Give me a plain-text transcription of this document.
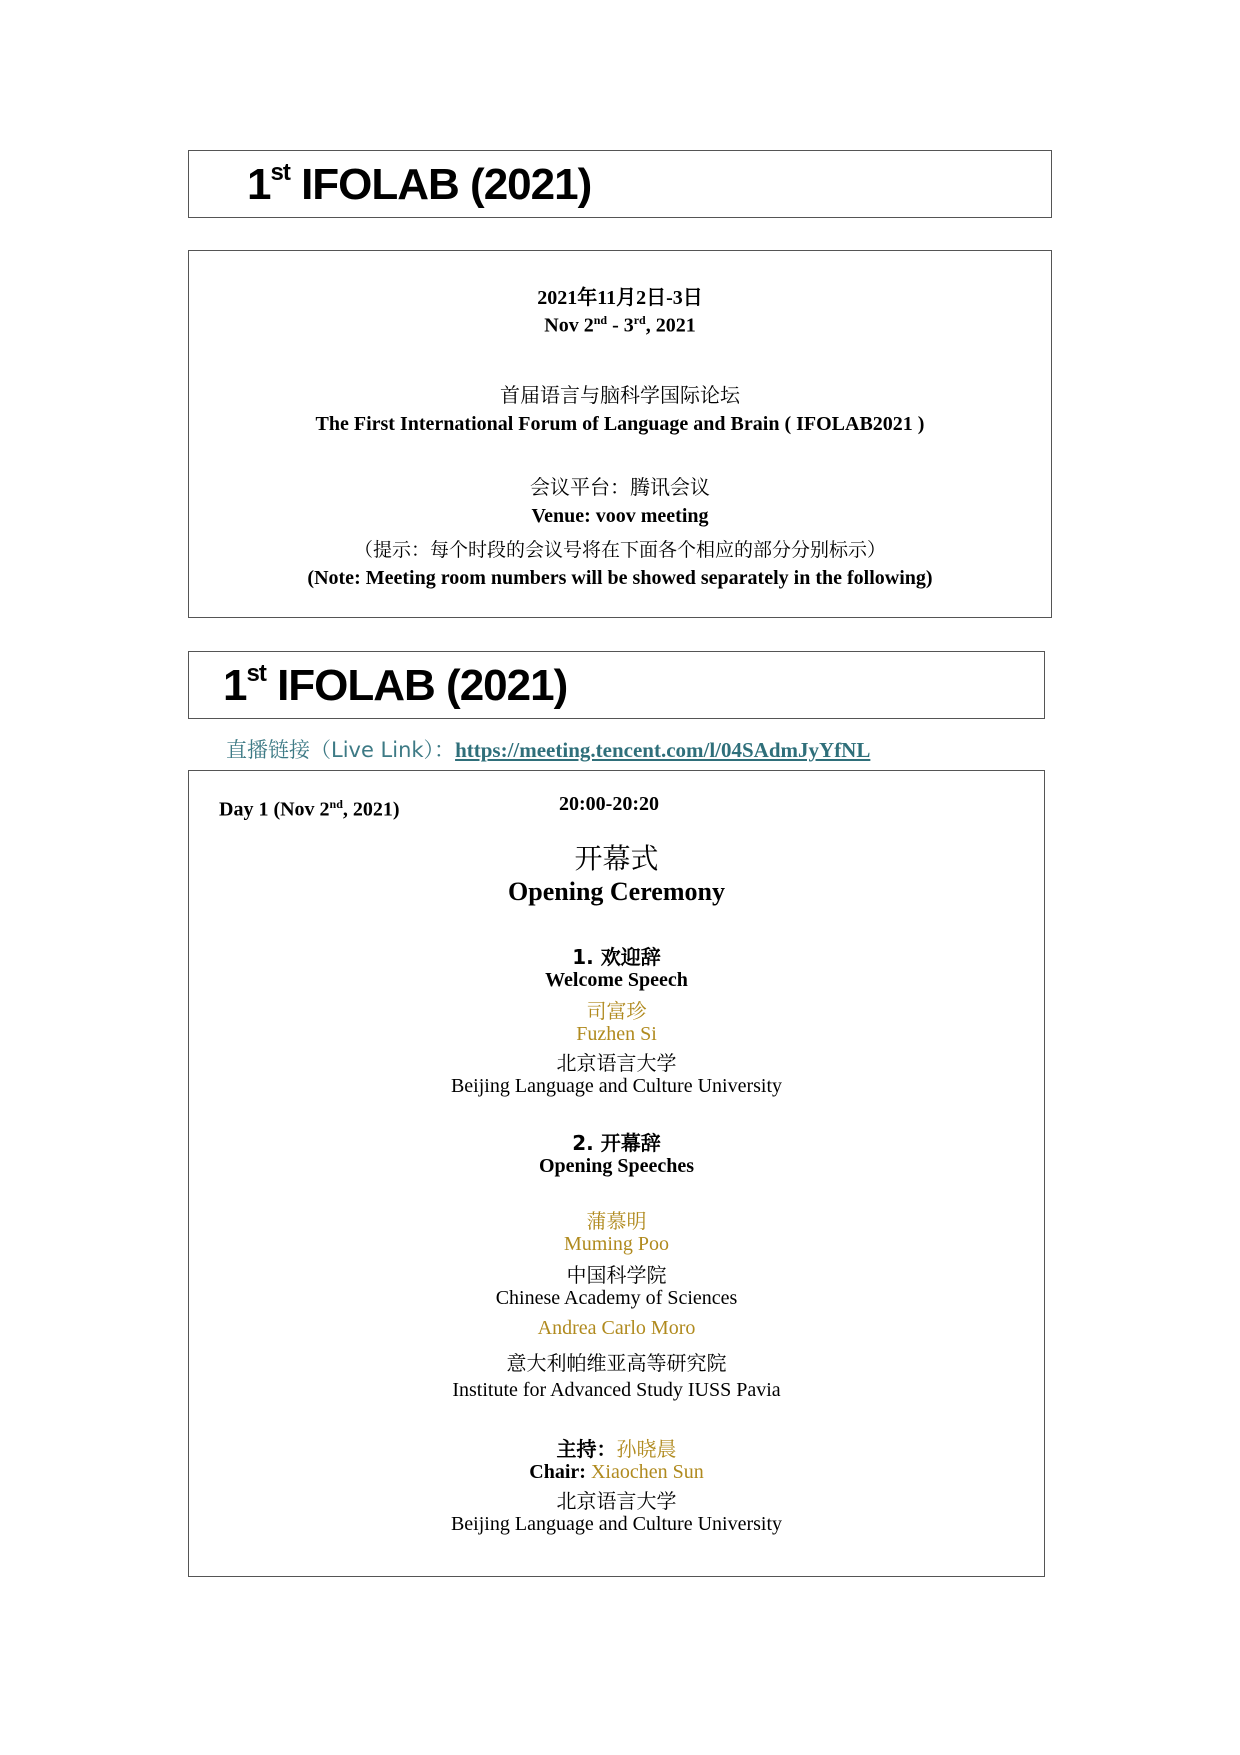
1st IFOLAB (2021)
2021年11月2日-3日
Nov 2nd - 3rd, 2021
首届语言与脑科学国际论坛
The First International Forum of Language and Brain ( IFOLAB2021 )
会议平台：腾讯会议
Venue: voov meeting
（提示：每个时段的会议号将在下面各个相应的部分分别标示）
(Note: Meeting room numbers will be showed separately in the following)
1st IFOLAB (2021)
直播链接（Live Link）：https://meeting.tencent.com/l/04SAdmJyYfNL
Day 1 (Nov 2nd, 2021)	20:00-20:20
开幕式
Opening Ceremony
1. 欢迎辞
Welcome Speech
司富珍
Fuzhen Si
北京语言大学
Beijing Language and Culture University
2. 开幕辞
Opening Speeches
蒲慕明
Muming Poo
中国科学院
Chinese Academy of Sciences
Andrea Carlo Moro
意大利帕维亚高等研究院
Institute for Advanced Study IUSS Pavia
主持：孙晓晨
Chair: Xiaochen Sun
北京语言大学
Beijing Language and Culture University
